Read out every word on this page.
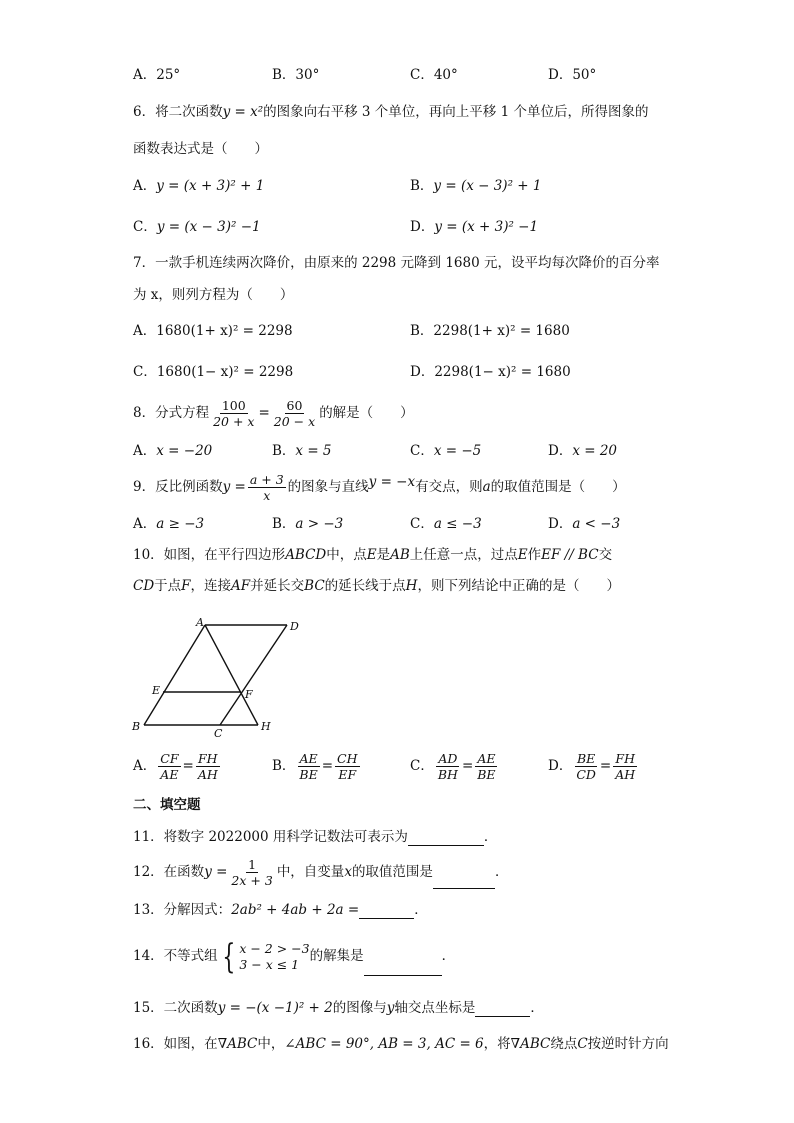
A．25°	B．30°	C．40°	D．50°
6．将二次函数y = x²的图象向右平移 3 个单位，再向上平移 1 个单位后，所得图象的
函数表达式是（　　）
A．y = (x + 3)² + 1	B．y = (x − 3)² + 1
C．y = (x − 3)² −1	D．y = (x + 3)² −1
7．一款手机连续两次降价，由原来的 2298 元降到 1680 元，设平均每次降价的百分率
为 x，则列方程为（　　）
A．1680(1+ x)² = 2298	B．2298(1+ x)² = 1680
C．1680(1− x)² = 2298	D．2298(1− x)² = 1680
8．分式方程 $\frac{100}{20 + x} = \frac{60}{20 - x}$ 的解是（　　）
A．x = −20	B．x = 5	C．x = −5	D．x = 20
9．反比例函数$y = \frac{a + 3}{x}$ 的图象与直线y = −x有交点，则a的取值范围是（　　）
A．a ≥ −3	B．a > −3	C．a ≤ −3	D．a < −3
10．如图，在平行四边形ABCD中，点E是AB上任意一点，过点E作EF // BC交
CD于点F，连接AF并延长交BC的延长线于点H，则下列结论中正确的是（　　）
A	D
E	F
B
C
H
A． $\frac{CF}{AE} = \frac{FH}{AH}$	B． $\frac{AE}{BE} = \frac{CH}{EF}$	C． $\frac{AD}{BH} = \frac{AE}{BE}$	D． $\frac{BE}{CD} = \frac{FH}{AH}$
二、填空题
11．将数字 2022000 用科学记数法可表示为	．
12．在函数$y = \frac{1}{2x + 3}$ 中，自变量x的取值范围是	．
13．分解因式：2ab² + 4ab + 2a =	．
14．不等式组 { x − 2 > −3
3 − x ≤ 1 的解集是	．
15．二次函数y = −(x −1)² + 2的图像与y轴交点坐标是	．
16．如图，在∇ABC中，∠ABC = 90°, AB = 3, AC = 6，将∇ABC绕点C按逆时针方向
